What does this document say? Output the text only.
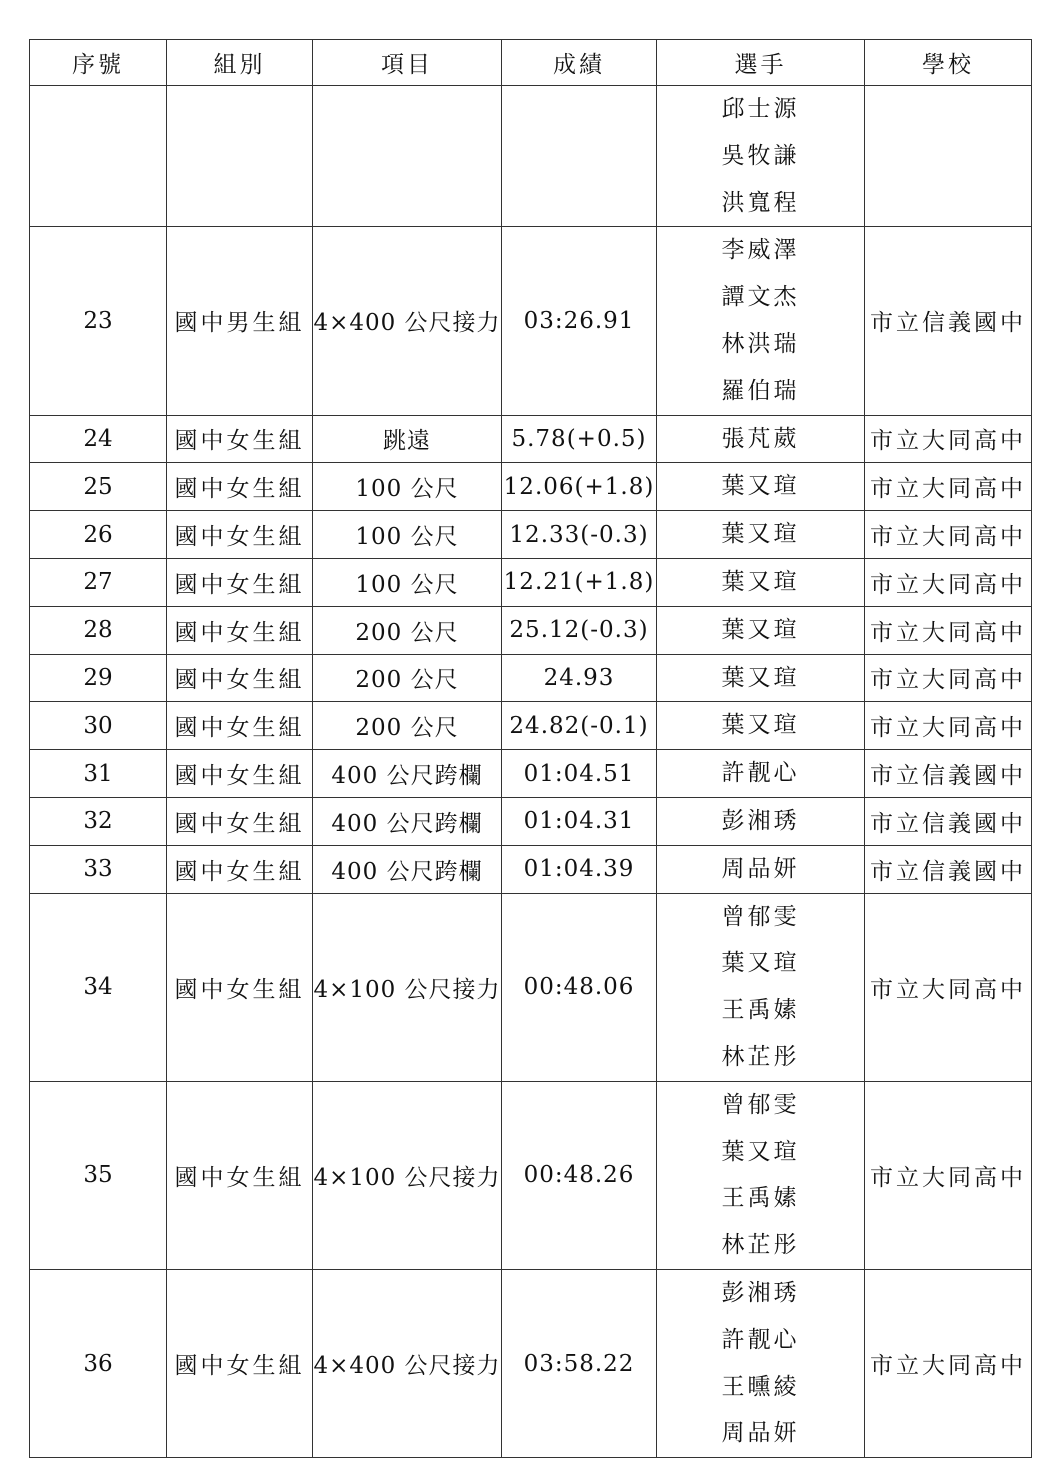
序號	組別	項目	成績	選手	學校

				邱士源
吳牧謙
洪寬程	

23	國中男生組	4×400 公尺接力	03:26.91	李威澤
譚文杰
林洪瑞
羅伯瑞	市立信義國中
24	國中女生組	跳遠	5.78(+0.5)	張芃葳	市立大同高中
25	國中女生組	100 公尺	12.06(+1.8)	葉又瑄	市立大同高中
26	國中女生組	100 公尺	12.33(-0.3)	葉又瑄	市立大同高中
27	國中女生組	100 公尺	12.21(+1.8)	葉又瑄	市立大同高中
28	國中女生組	200 公尺	25.12(-0.3)	葉又瑄	市立大同高中
29	國中女生組	200 公尺	24.93	葉又瑄	市立大同高中
30	國中女生組	200 公尺	24.82(-0.1)	葉又瑄	市立大同高中
31	國中女生組	400 公尺跨欄	01:04.51	許靓心	市立信義國中
32	國中女生組	400 公尺跨欄	01:04.31	彭湘琇	市立信義國中
33	國中女生組	400 公尺跨欄	01:04.39	周品妍	市立信義國中
34	國中女生組	4×100 公尺接力	00:48.06	曾郁雯
葉又瑄
王禹嫊
林芷彤	市立大同高中
35	國中女生組	4×100 公尺接力	00:48.26	曾郁雯
葉又瑄
王禹嫊
林芷彤	市立大同高中
36	國中女生組	4×400 公尺接力	03:58.22	彭湘琇
許靓心
王曛綾
周品妍	市立大同高中
